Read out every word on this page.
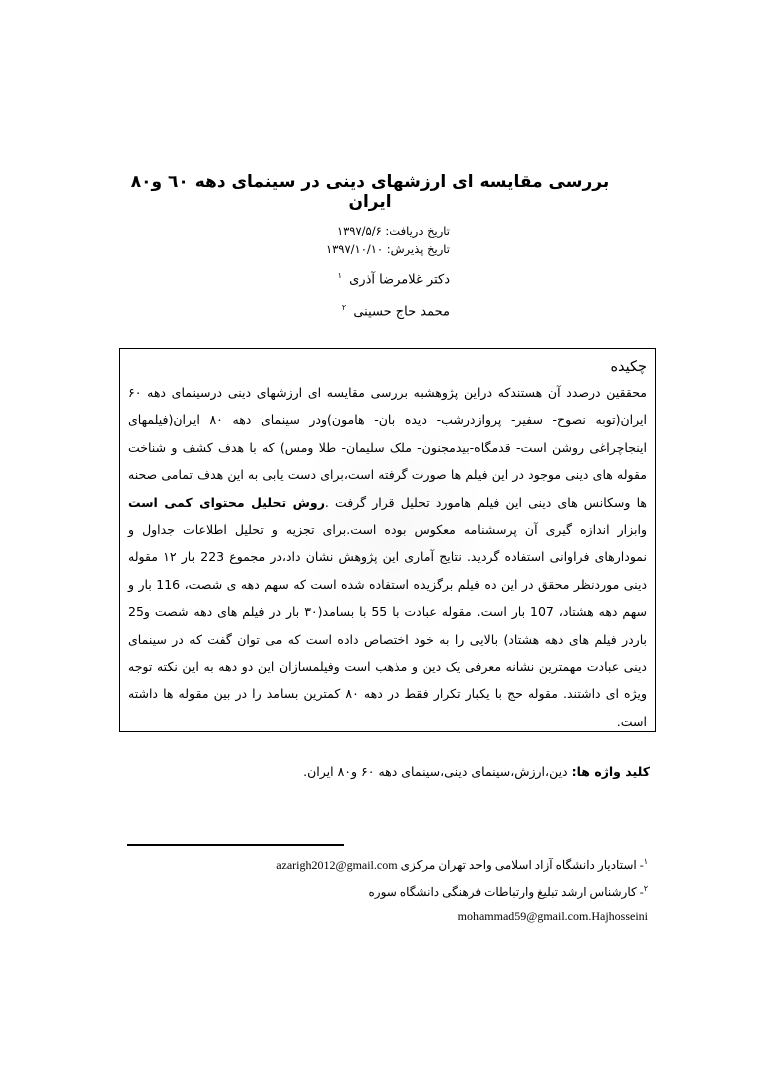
بررسی مقایسه ای ارزشهای دینی در سینمای دهه ٦٠ و٨٠ ایران
تاریخ دریافت: ۱۳۹۷/۵/۶
تاریخ پذیرش: ۱۳۹۷/۱۰/۱۰
دکتر غلامرضا آذری $^۱$
محمد حاج حسینی $^۲$
چکیده
محققین درصدد آن هستندکه دراین پژوهشبه بررسی مقایسه ای ارزشهای دینی درسینمای دهه ۶۰ ایران(توبه نصوح- سفیر- پروازدرشب- دیده بان- هامون)ودر سینمای دهه ۸۰ ایران(فیلمهای اینجاچراغی روشن است- قدمگاه-بیدمجنون- ملک سلیمان- طلا ومس) که با هدف کشف و شناخت مقوله های دینی موجود در این فیلم ها صورت گرفته است،برای دست یابی به این هدف تمامی صحنه ها وسکانس های دینی این فیلم هامورد تحلیل قرار گرفت .روش تحلیل محتوای کمی است وابزار اندازه گیری آن پرسشنامه معکوس بوده است.برای تجزیه و تحلیل اطلاعات جداول و نمودارهای فراوانی استفاده گردید. نتایج آماری این پژوهش نشان داد،در مجموع 223 بار ۱۲ مقوله دینی موردنظر محقق در این ده فیلم برگزیده استفاده شده است که سهم دهه ی شصت، 116 بار و سهم دهه هشتاد، 107 بار است. مقوله عبادت با 55 با بسامد(۳۰ بار در فیلم های دهه شصت و25 باردر فیلم های دهه هشتاد) بالایی را به خود اختصاص داده است که می توان گفت که در سینمای دینی عبادت مهمترین نشانه معرفی یک دین و مذهب است وفیلمسازان این دو دهه به این نکته توجه ویژه ای داشتند. مقوله حج با یکبار تکرار فقط در دهه ۸۰ کمترین بسامد را در بین مقوله ها داشته است.
کلید واژه ها: دین،ارزش،سینمای دینی،سینمای دهه ۶۰ و۸۰ ایران.
$^۱$- استادیار دانشگاه آزاد اسلامی واحد تهران مرکزی azarigh2012@gmail.com
$^۲$- کارشناس ارشد تبلیغ وارتباطات فرهنگی دانشگاه سوره
mohammad59@gmail.com.Hajhosseini
